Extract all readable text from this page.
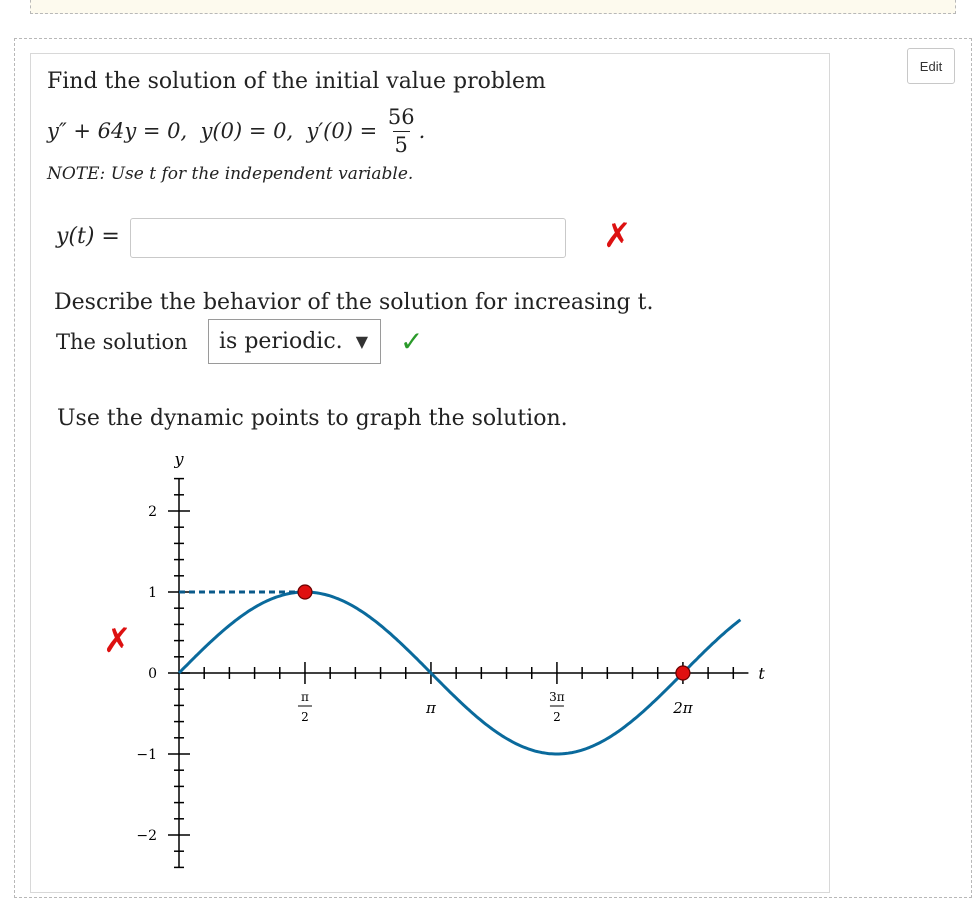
Edit
Find the solution of the initial value problem
y″ + 64y = 0,  y(0) = 0,  $y'(0) = \frac{56}{5}$ .
NOTE: Use t for the independent variable.
y(t) =	✗
Describe the behavior of the solution for increasing t.
The solution is periodic. ▼ ✓
Use the dynamic points to graph the solution.
✗
2
1
0
−1
−2
π
2	π
3π
2	2π
t
y
